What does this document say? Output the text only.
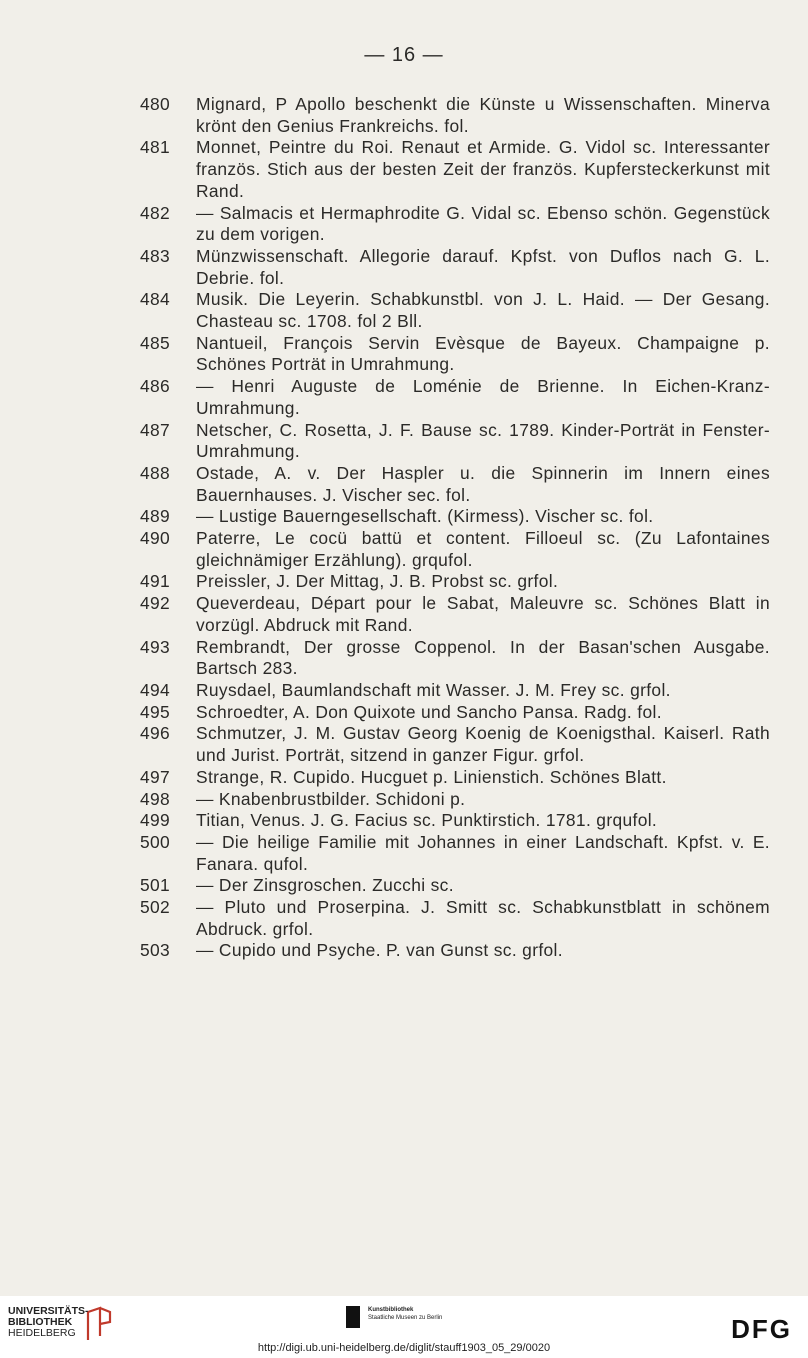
— 16 —
480	Mignard, P Apollo beschenkt die Künste u Wissenschaften. Minerva krönt den Genius Frankreichs. fol.
481	Monnet, Peintre du Roi. Renaut et Armide. G. Vidol sc. Interessanter französ. Stich aus der besten Zeit der französ. Kupfersteckerkunst mit Rand.
482	— Salmacis et Hermaphrodite G. Vidal sc. Ebenso schön. Gegenstück zu dem vorigen.
483	Münzwissenschaft. Allegorie darauf. Kpfst. von Duflos nach G. L. Debrie. fol.
484	Musik. Die Leyerin. Schabkunstbl. von J. L. Haid. — Der Gesang. Chasteau sc. 1708. fol 2 Bll.
485	Nantueil, François Servin Evèsque de Bayeux. Champaigne p. Schönes Porträt in Umrahmung.
486	— Henri Auguste de Loménie de Brienne. In Eichen-Kranz-Umrahmung.
487	Netscher, C. Rosetta, J. F. Bause sc. 1789. Kinder-Porträt in Fenster-Umrahmung.
488	Ostade, A. v. Der Haspler u. die Spinnerin im Innern eines Bauernhauses. J. Vischer sec. fol.
489	— Lustige Bauerngesellschaft. (Kirmess). Vischer sc. fol.
490	Paterre, Le cocü battü et content. Filloeul sc. (Zu Lafontaines gleichnämiger Erzählung). grqufol.
491	Preissler, J. Der Mittag, J. B. Probst sc. grfol.
492	Queverdeau, Départ pour le Sabat, Maleuvre sc. Schönes Blatt in vorzügl. Abdruck mit Rand.
493	Rembrandt, Der grosse Coppenol. In der Basan'schen Ausgabe. Bartsch 283.
494	Ruysdael, Baumlandschaft mit Wasser. J. M. Frey sc. grfol.
495	Schroedter, A. Don Quixote und Sancho Pansa. Radg. fol.
496	Schmutzer, J. M. Gustav Georg Koenig de Koenigsthal. Kaiserl. Rath und Jurist. Porträt, sitzend in ganzer Figur. grfol.
497	Strange, R. Cupido. Hucguet p. Linienstich. Schönes Blatt.
498	— Knabenbrustbilder. Schidoni p.
499	Titian, Venus. J. G. Facius sc. Punktirstich. 1781. grqufol.
500	— Die heilige Familie mit Johannes in einer Landschaft. Kpfst. v. E. Fanara. qufol.
501	— Der Zinsgroschen. Zucchi sc.
502	— Pluto und Proserpina. J. Smitt sc. Schabkunstblatt in schönem Abdruck. grfol.
503	— Cupido und Psyche. P. van Gunst sc. grfol.
UNIVERSITÄTS-
BIBLIOTHEK
HEIDELBERG
Kunstbibliothek
Staatliche Museen zu Berlin	DFG
http://digi.ub.uni-heidelberg.de/diglit/stauff1903_05_29/0020
